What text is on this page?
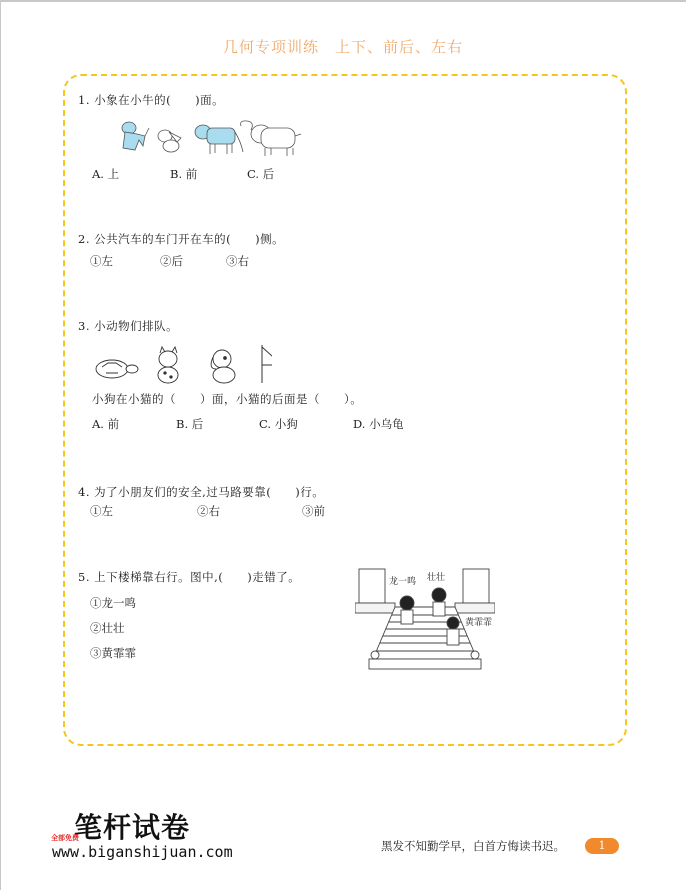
几何专项训练 上下、前后、左右
1. 小象在小牛的(　　)面。
A. 上	B. 前	C. 后
2. 公共汽车的车门开在车的(　　)侧。
①左	②后	③右
3. 小动物们排队。
小狗在小猫的（　　）面，小猫的后面是（　　）。
A. 前	B. 后	C. 小狗	D. 小乌龟
4. 为了小朋友们的安全,过马路要靠(　　)行。
①左	②右	③前
5. 上下楼梯靠右行。图中,(　　)走错了。
①龙一鸣
②壮壮
③黄霏霏
龙一鸣 壮壮
黄霏霏
笔杆试卷
全部免费
www.biganshijuan.com	黑发不知勤学早，白首方悔读书迟。	1
